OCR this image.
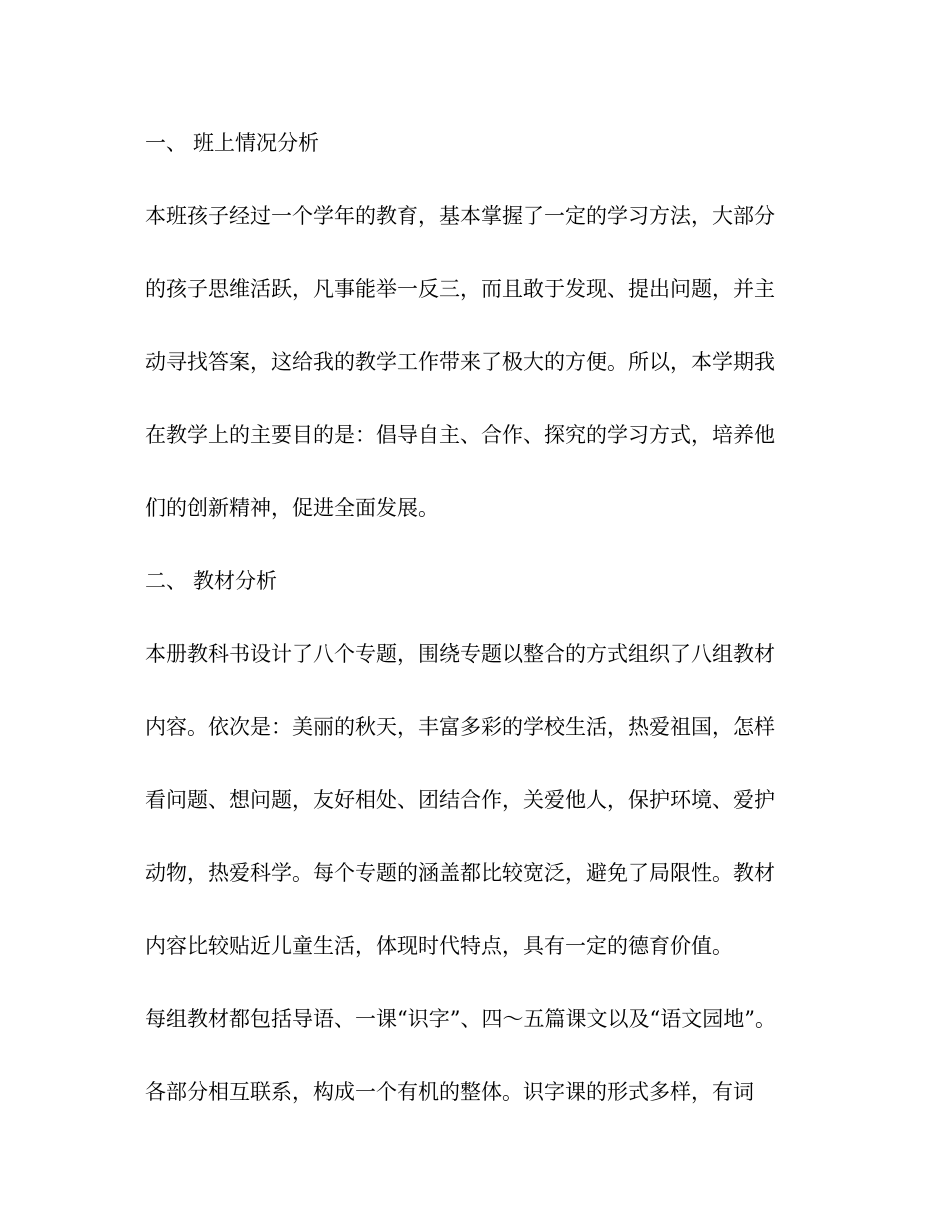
一、 班上情况分析
本班孩子经过一个学年的教育，基本掌握了一定的学习方法，大部分
的孩子思维活跃，凡事能举一反三，而且敢于发现、提出问题，并主
动寻找答案，这给我的教学工作带来了极大的方便。所以，本学期我
在教学上的主要目的是：倡导自主、合作、探究的学习方式，培养他
们的创新精神，促进全面发展。
二、 教材分析
本册教科书设计了八个专题，围绕专题以整合的方式组织了八组教材
内容。依次是：美丽的秋天，丰富多彩的学校生活，热爱祖国，怎样
看问题、想问题，友好相处、团结合作，关爱他人，保护环境、爱护
动物，热爱科学。每个专题的涵盖都比较宽泛，避免了局限性。教材
内容比较贴近儿童生活，体现时代特点，具有一定的德育价值。
每组教材都包括导语、一课“识字”、四～五篇课文以及“语文园地”。
各部分相互联系，构成一个有机的整体。识字课的形式多样，有词
